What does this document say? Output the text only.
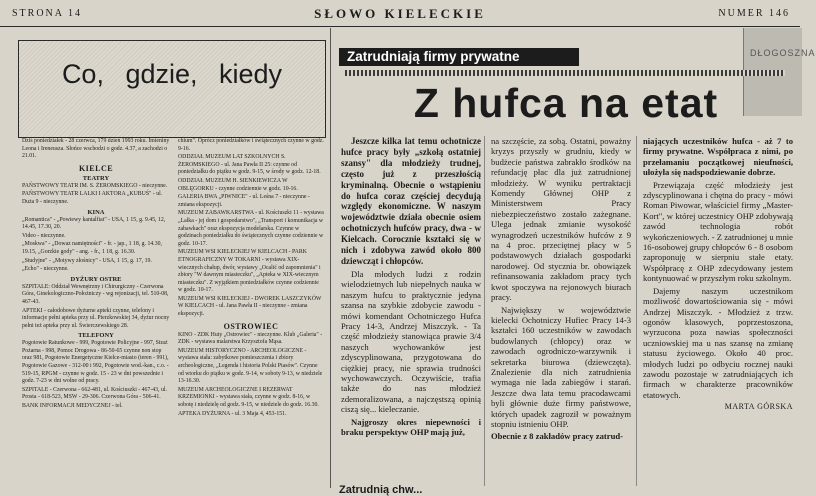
STRONA 14	SŁOWO KIELECKIE	NUMER 146
Co, gdzie, kiedy

Dziś poniedziałek - 28 czerwca, 179 dzień 1993 roku. Imieniny Leona i Ireneusza. Słońce wschodzi o godz. 4.37, a zachodzi o 21.01.

KIELCE
TEATRY

PAŃSTWOWY TEATR IM. S. ŻEROMSKIEGO - nieczynne.

PAŃSTWOWY TEATR LALKI I AKTORA „KUBUŚ" - ul. Duża 9 - nieczynne.

KINA

„Romantica" - „Powiewy kantalfiat" - USA, 1 15, g. 9.45, 12, 14.45, 17.30, 20.

Video - nieczynne.

„Moskwa" - „Dowaz namiętności" - fr. - jap., 1 18, g. 14.30, 19.15, „Gorzkie gody" - ang. - fr., 1 18, g. 16.30.

„Studyjne" - „Motywy złośnicy" - USA, 1 15, g. 17, 19.

„Echo" - nieczynne.

DYŻURY OSTRE

SZPITALE: Oddział Wewnętrzny i Chirurgiczny - Czerwona Góra, Ginekologiczno-Położniczy - wg rejonizacji, tel. 510-08, 467-43.

APTEKI - całodobowe dyżurne apteki czynne, telefony i informacje pełni apteka przy ul. Pierzkowskiej 34, dyżur nocny pełni też apteka przy ul. Świerczewskiego 28.

TELEFONY

Pogotowie Ratunkowe - 999, Pogotowie Policyjne - 997, Straż Pożarna - 998, Pomoc Drogowa - 86-50-65 czynne non stop oraz 981, Pogotowie Energetyczne Kielce-miasto (teren - 991), Pogotowie Gazowe - 312-00 i 992, Pogotowie wod.-kan., c.o. - 519-15, RPGM - czynne w godz. 15 - 23 w dni powszednie i godz. 7-23 w dni wolne od pracy.

SZPITALE - Czerwona - 662-481, ul. Kościuszki - 467-43, ul. Prosta - 618-523, MSW - 29-306. Czerwona Góra - 506-41.

BANK INFORMACJI MEDYCZNEJ - tel.

chium". Oprócz poniedziałków i świątecznych czynne w godz. 9-16.

ODDZIAŁ MUZEUM LAT SZKOLNYCH S. ŻEROMSKIEGO - ul. Jana Pawła II 25: czynne od poniedziałku do piątku w godz. 9-15, w środy w godz. 12-18.

ODDZIAŁ MUZEUM H. SIENKIEWICZA W OBLĘGORKU - czynne codziennie w godz. 10-16.

GALERIA BWA „PIWNICE" - ul. Leśna 7 - nieczynne - zmiana ekspozycji.

MUZEUM ZABAWKARSTWA - ul. Kościuszki 11 - wystawa „Lalka - jej dom i gospodarstwo", „Transport i komunikacja w zabawkach" oraz ekspozycja modelarska. Czynne w godzinach poniedziałku do świątecznych czynne codziennie w godz. 10-17.

MUZEUM WSI KIELECKIEJ W KIELCACH - PARK ETNOGRAFICZNY W TOKARNI - wystawa XIX-wiecznych chałup, dwór, wystawy „Ocalić od zapomnienia" i zbiory "W dawnym miasteczku", „Apteka w XIX-wiecznym miasteczku". Z wyjątkiem poniedziałków czynne codziennie w godz. 10-17.

MUZEUM WSI KIELECKIEJ - DWOREK LASZCZYKÓW W KIELCACH - ul. Jana Pawła II - nieczynne - zmiana ekspozycji.

OSTROWIEC

KINO - ZDK Huty „Ostrowiec" - nieczynne. Klub „Galeria" - ZDK - wystawa malarstwa Krzysztofa Mąsa.

MUZEUM HISTORYCZNO - ARCHEOLOGICZNE - wystawa stała: zabytkowe pomieszczenia i zbiory archeologiczne, „Legenda i historia Polski Piasów". Czynne od wtorku do piątku w godz. 9-14, w soboty 9-13, w niedziele 13-16.30.

MUZEUM ARCHEOLOGICZNE I REZERWAT KRZEMIONKI - wystawa stała, czynne w godz. 8-16, w sobotę i niedzielę od godz. 9-15, w niedziele do godz. 16.30.

APTEKA DYŻURNA - ul. 3 Maja 4, 453-151.

Zatrudniają firmy prywatne	DŁOGOSZNA
Z hufca na etat

Jeszcze kilka lat temu ochotnicze hufce pracy były „szkołą ostatniej szansy" dla młodzieży trudnej, często już z przeszłością kryminalną. Obecnie o wstąpieniu do hufca coraz częściej decydują względy ekonomiczne. W naszym województwie działa obecnie osiem ochotniczych hufców pracy, dwa - w Kielcach. Corocznie kształci się w nich i zdobywa zawód około 800 dziewcząt i chłopców.

Dla młodych ludzi z rodzin wielodzietnych lub niepełnych nauka w naszym hufcu to praktycznie jedyna szansa na szybkie zdobycie zawodu - mówi komendant Ochotniczego Hufca Pracy 14-3, Andrzej Miszczyk. - Ta część młodzieży stanowiąca prawie 3/4 naszych wychowanków jest zdyscyplinowana, przygotowana do ciężkiej pracy, nie sprawia trudności wychowawczych. Oczywiście, trafia także do nas młodzież zdemoralizowana, a najczęstszą opinią ciszą się... kieleczanie.

Najgroszy okres niepewności i braku perspektyw OHP mają już,

na szczęście, za sobą. Ostatni, poważny kryzys przyszły w grudniu, kiedy w budżecie państwa zabrakło środków na refundację płac dla już zatrudnionej młodzieży. W wyniku pertraktacji Komendy Głównej OHP z Ministerstwem Pracy niebezpieczeństwo zostało zażegnane. Ulega jednak zmianie wysokość wynagrodzeń uczestników hufców z 9 na 4 proc. przeciętnej płacy w 5 podstawowych działach gospodarki narodowej. Od stycznia br. obowiązek refinansowania zakładom pracy tych kwot spoczywa na rejonowych biurach pracy.

Największy w województwie kielecki Ochotniczy Hufiec Pracy 14-3 kształci 160 uczestników w zawodach budowlanych (chłopcy) oraz w zawodach ogrodniczo-warzywnik i sekretarka biurowa (dziewczęta). Znalezienie dla nich zatrudnienia wymaga nie lada zabiegów i starań. Jeszcze dwa lata temu pracodawcami byli głównie duże firmy państwowe, których upadek zagroził w poważnym stopniu istnieniu OHP.

Obecnie z 8 zakładów pracy zatrud-

niających uczestników hufca - aż 7 to firmy prywatne. Współpraca z nimi, po przełamaniu początkowej nieufności, ułożyła się nadspodziewanie dobrze.

Przewiązaja część młodzieży jest zdyscyplinowana i chętna do pracy - mówi Roman Piwowar, właściciel firmy „Master-Kort", w której uczestnicy OHP zdobywają zawód technologia robót wykończeniowych. - Z zatrudnionej u mnie 16-osobowej grupy chłopców 6 - 8 osobom zaproponuję w sierpniu stałe etaty. Współpracę z OHP zdecydowany jestem kontynuować w przyszłym roku szkolnym.

Dajemy naszym uczestnikom możliwość dowartościowania się - mówi Andrzej Miszczyk. - Młodzież z trzw. ogonów klasowych, poprzestoszona, wyrzucona poza nawias społeczności uczniowskiej ma u nas szansę na zmianę statusu życiowego. Około 40 proc. młodych ludzi po odbyciu rocznej nauki zawodu pozostaje w zatrudniających ich firmach w charakterze pracowników etatowych.

MARTA GÓRSKA
Zatrudnią chw...
